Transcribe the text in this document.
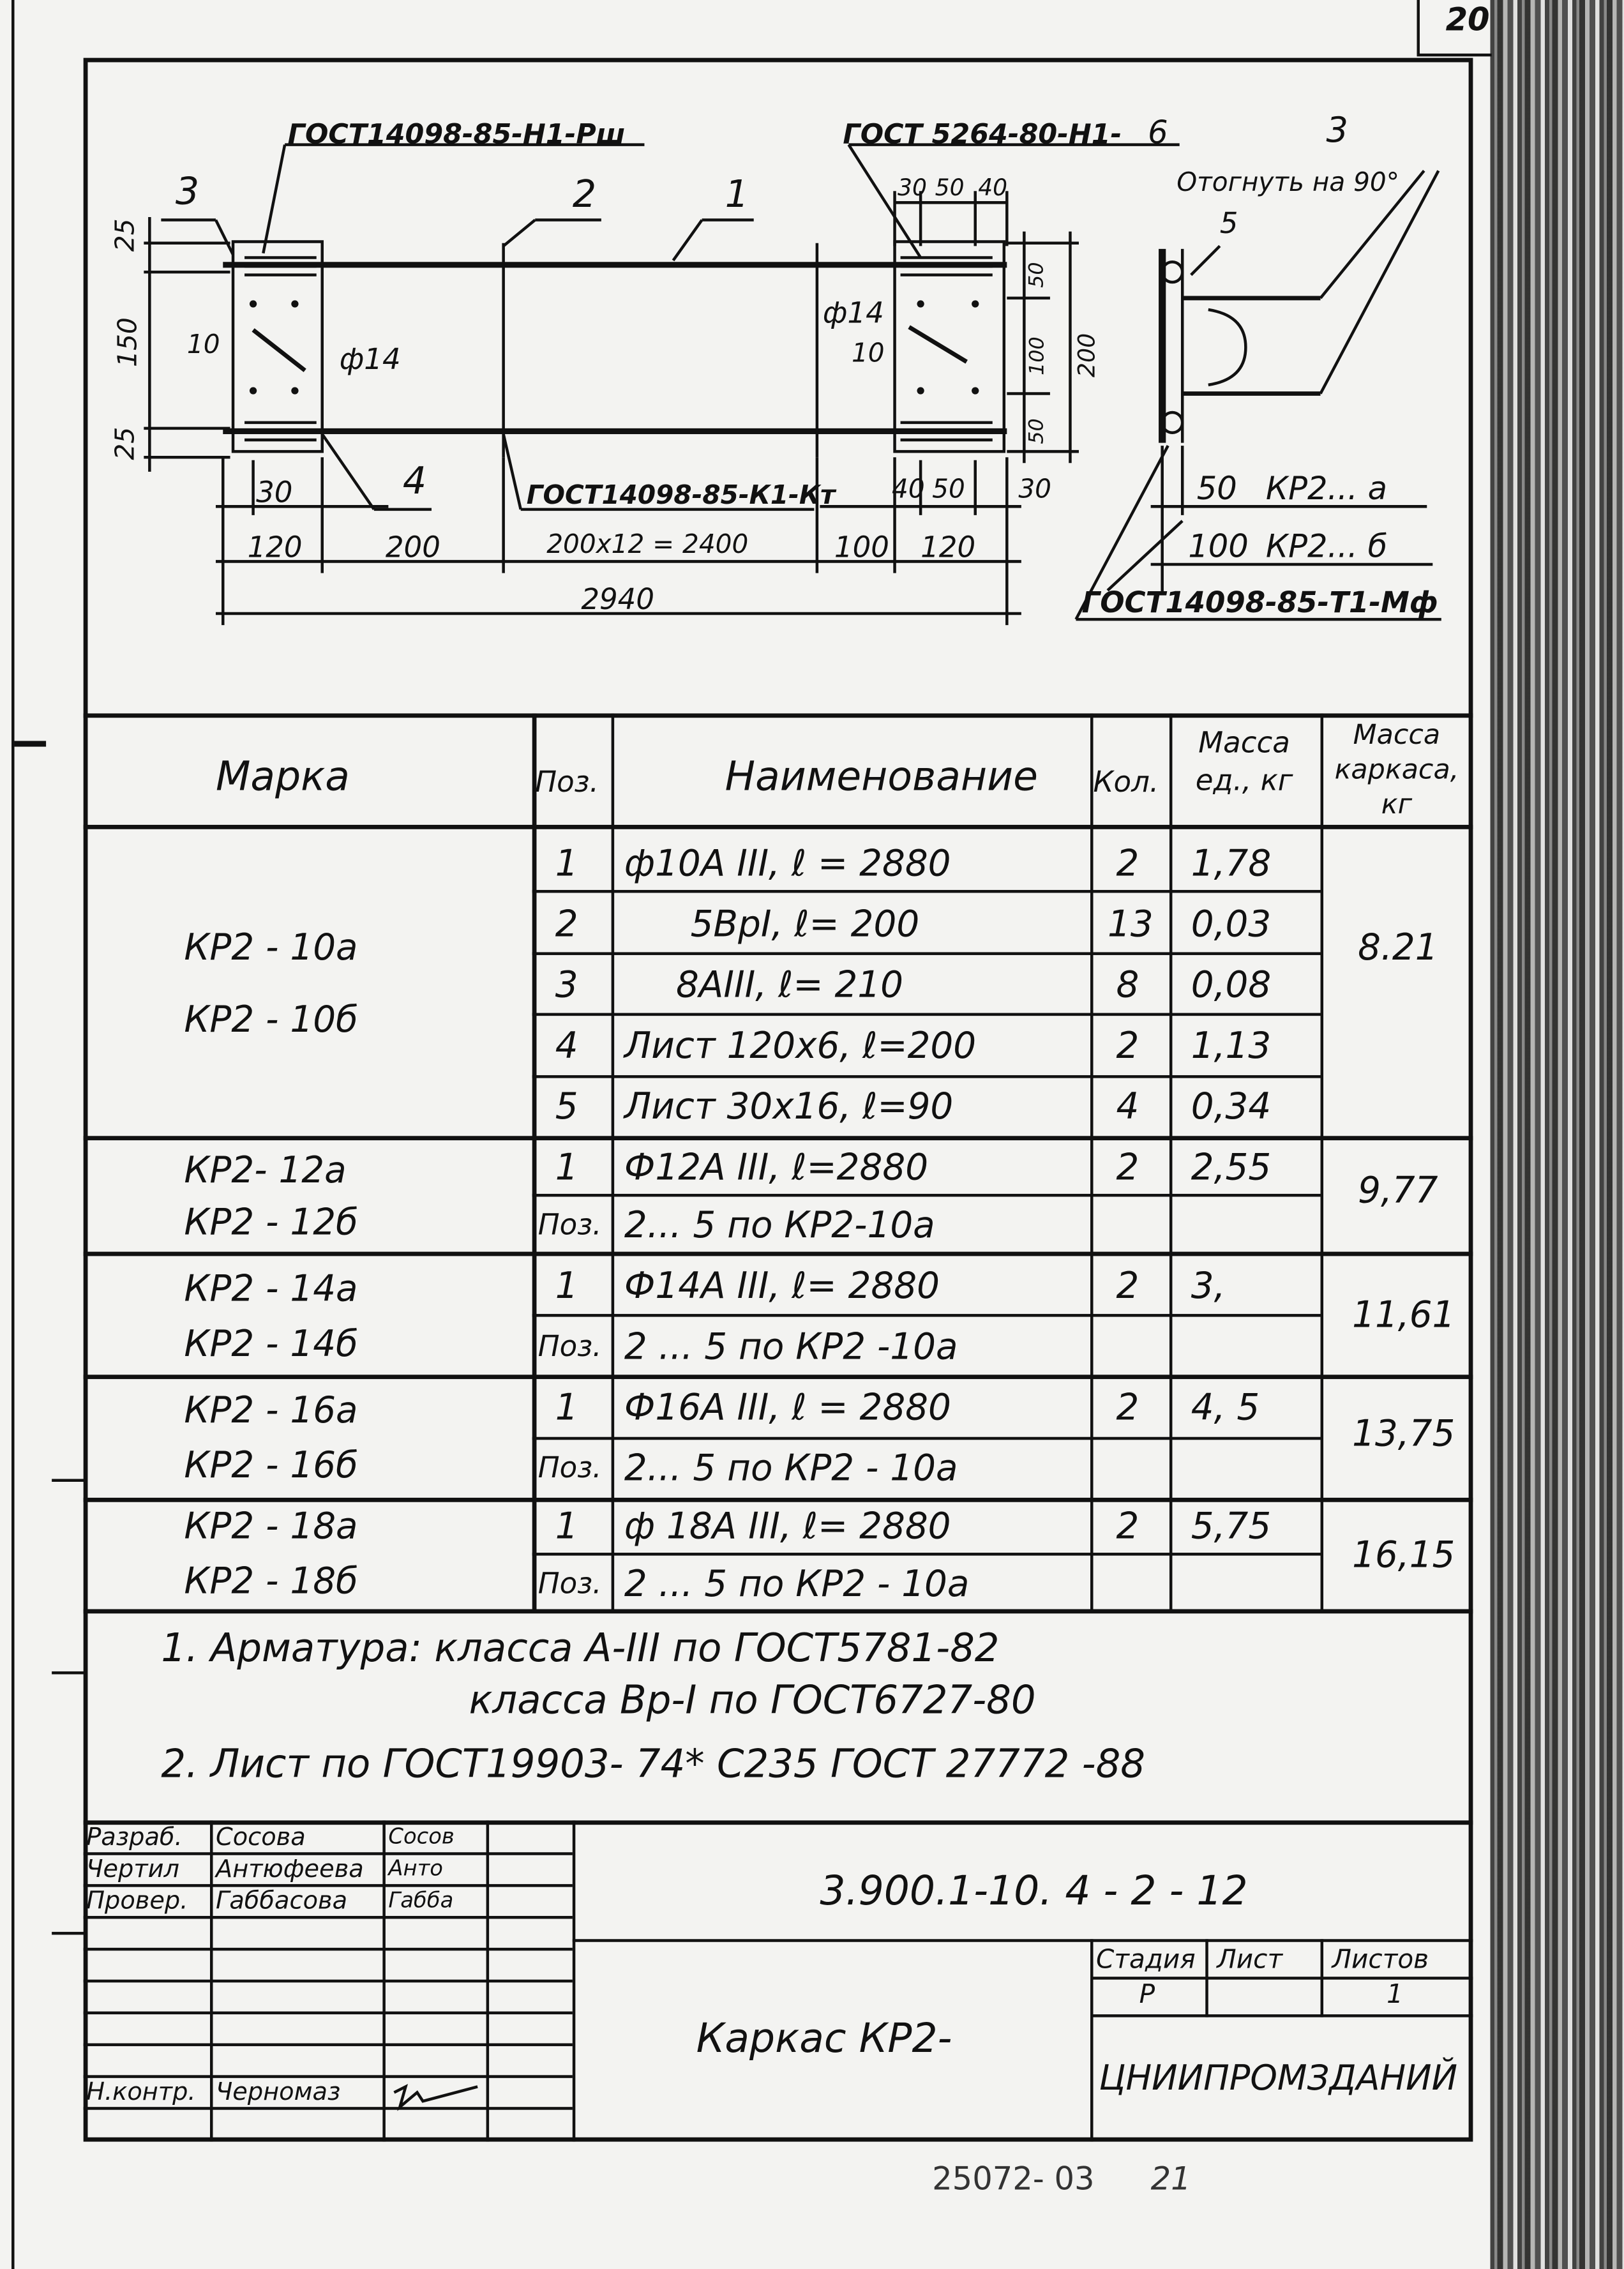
20
ГОСТ14098-85-Н1-Рш	ГОСТ 5264-80-Н1- 6	3
Отогнуть на 90°
5
3	2	1
4	ГОСТ14098-85-К1-Кт
ф14
ф14
10	10
25
150
25
50
100
50
200
30 50 40
30	40 50	30
120	200	200х12 = 2400	100 120
2940
50 КР2... а
100 КР2... б
ГОСТ14098-85-Т1-Мф
Марка	Поз.	Наименование	Кол.
Масса ед., кг
Масса каркаса, кг
КР2 - 10а
КР2 - 10б
8.21
1	ф10А III, ℓ = 2880	2	1,78
2	5ВрI, ℓ= 200	13 0,03
3	8АIII, ℓ= 210	8	0,08
4	Лист 120х6, ℓ=200	2	1,13
5	Лист 30х16, ℓ=90	4	0,34
КР2- 12а
КР2 - 12б
9,77
1	Ф12А III, ℓ=2880	2	2,55
Поз. 2... 5 по КР2-10а
КР2 - 14а
КР2 - 14б
11,61
1	Ф14А III, ℓ= 2880	2	3,
Поз. 2 ... 5 по КР2 -10а
КР2 - 16а
КР2 - 16б
13,75
1	Ф16А III, ℓ = 2880	2	4, 5
Поз. 2... 5 по КР2 - 10а
КР2 - 18а
КР2 - 18б
16,15
1	ф 18А III, ℓ= 2880	2	5,75
Поз. 2 ... 5 по КР2 - 10а
1. Арматура: класса А-III по ГОСТ5781-82
класса Вр-I по ГОСТ6727-80
2. Лист по ГОСТ19903- 74* С235 ГОСТ 27772 -88
Разраб.	Сосова	Сосов
Чертил	Антюфеева	Анто
Провер.	Габбасова	Габба
Н.контр. Черномаз
3.900.1-10. 4 - 2 - 12
Каркас КР2-
Стадия Лист	Листов
Р	1
ЦНИИПРОМЗДАНИЙ
25072- 03	21
